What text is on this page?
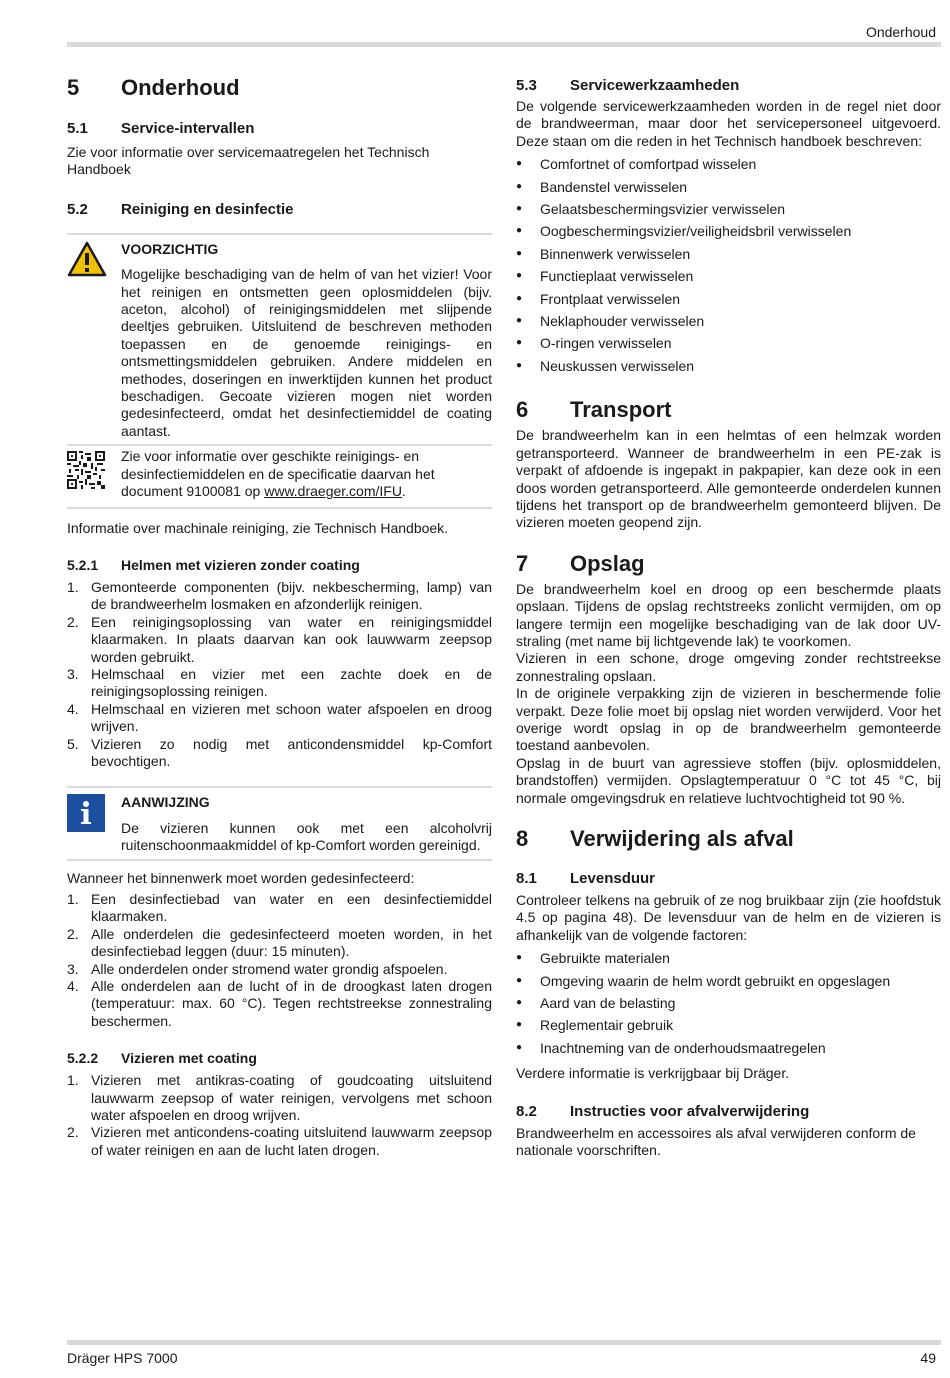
Onderhoud
5	Onderhoud
5.1	Service-intervallen

Zie voor informatie over servicemaatregelen het Technisch Handboek

5.2	Reiniging en desinfectie
VOORZICHTIG
Mogelijke beschadiging van de helm of van het vizier! Voor het reinigen en ontsmetten geen oplosmiddelen (bijv. aceton, alcohol) of reinigingsmiddelen met slijpende deeltjes gebruiken. Uitsluitend de beschreven methoden toepassen en de genoemde reinigings- en ontsmettingsmiddelen gebruiken. Andere middelen en methodes, doseringen en inwerktijden kunnen het product beschadigen. Gecoate vizieren mogen niet worden gedesinfecteerd, omdat het desinfectiemiddel de coating aantast.
Zie voor informatie over geschikte reinigings- en desinfectiemiddelen en de specificatie daarvan het document 9100081 op www.draeger.com/IFU.

Informatie over machinale reiniging, zie Technisch Handboek.

5.2.1	Helmen met vizieren zonder coating
1. Gemonteerde componenten (bijv. nekbescherming, lamp) van de brandweerhelm losmaken en afzonderlijk reinigen.
2. Een reinigingsoplossing van water en reinigingsmiddel klaarmaken. In plaats daarvan kan ook lauwwarm zeepsop worden gebruikt.
3. Helmschaal en vizier met een zachte doek en de reinigingsoplossing reinigen.
4. Helmschaal en vizieren met schoon water afspoelen en droog wrijven.
5. Vizieren zo nodig met anticondensmiddel kp-Comfort bevochtigen.
AANWIJZING
De vizieren kunnen ook met een alcoholvrij ruitenschoonmaakmiddel of kp-Comfort worden gereinigd.

Wanneer het binnenwerk moet worden gedesinfecteerd:

1. Een desinfectiebad van water en een desinfectiemiddel klaarmaken.
2. Alle onderdelen die gedesinfecteerd moeten worden, in het desinfectiebad leggen (duur: 15 minuten).
3. Alle onderdelen onder stromend water grondig afspoelen.
4. Alle onderdelen aan de lucht of in de droogkast laten drogen (temperatuur: max. 60 °C). Tegen rechtstreekse zonnestraling beschermen.
5.2.2	Vizieren met coating
1. Vizieren met antikras-coating of goudcoating uitsluitend lauwwarm zeepsop of water reinigen, vervolgens met schoon water afspoelen en droog wrijven.
2. Vizieren met anticondens-coating uitsluitend lauwwarm zeepsop of water reinigen en aan de lucht laten drogen.
5.3	Servicewerkzaamheden

De volgende servicewerkzaamheden worden in de regel niet door de brandweerman, maar door het servicepersoneel uitgevoerd. Deze staan om die reden in het Technisch handboek beschreven:

● Comfortnet of comfortpad wisselen
● Bandenstel verwisselen
● Gelaatsbeschermingsvizier verwisselen
● Oogbeschermingsvizier/veiligheidsbril verwisselen
● Binnenwerk verwisselen
● Functieplaat verwisselen
● Frontplaat verwisselen
● Neklaphouder verwisselen
● O-ringen verwisselen
● Neuskussen verwisselen
6	Transport

De brandweerhelm kan in een helmtas of een helmzak worden getransporteerd. Wanneer de brandweerhelm in een PE-zak is verpakt of afdoende is ingepakt in pakpapier, kan deze ook in een doos worden getransporteerd. Alle gemonteerde onderdelen kunnen tijdens het transport op de brandweerhelm gemonteerd blijven. De vizieren moeten geopend zijn.

7	Opslag

De brandweerhelm koel en droog op een beschermde plaats opslaan. Tijdens de opslag rechtstreeks zonlicht vermijden, om op langere termijn een mogelijke beschadiging van de lak door UV-straling (met name bij lichtgevende lak) te voorkomen.

Vizieren in een schone, droge omgeving zonder rechtstreekse zonnestraling opslaan.

In de originele verpakking zijn de vizieren in beschermende folie verpakt. Deze folie moet bij opslag niet worden verwijderd. Voor het overige wordt opslag in op de brandweerhelm gemonteerde toestand aanbevolen.

Opslag in de buurt van agressieve stoffen (bijv. oplosmiddelen, brandstoffen) vermijden. Opslagtemperatuur 0 °C tot 45 °C, bij normale omgevingsdruk en relatieve luchtvochtigheid tot 90 %.

8	Verwijdering als afval
8.1	Levensduur

Controleer telkens na gebruik of ze nog bruikbaar zijn (zie hoofdstuk 4.5 op pagina 48). De levensduur van de helm en de vizieren is afhankelijk van de volgende factoren:

● Gebruikte materialen
● Omgeving waarin de helm wordt gebruikt en opgeslagen
● Aard van de belasting
● Reglementair gebruik
● Inachtneming van de onderhoudsmaatregelen

Verdere informatie is verkrijgbaar bij Dräger.

8.2	Instructies voor afvalverwijdering

Brandweerhelm en accessoires als afval verwijderen conform de nationale voorschriften.

Dräger HPS 7000	49
